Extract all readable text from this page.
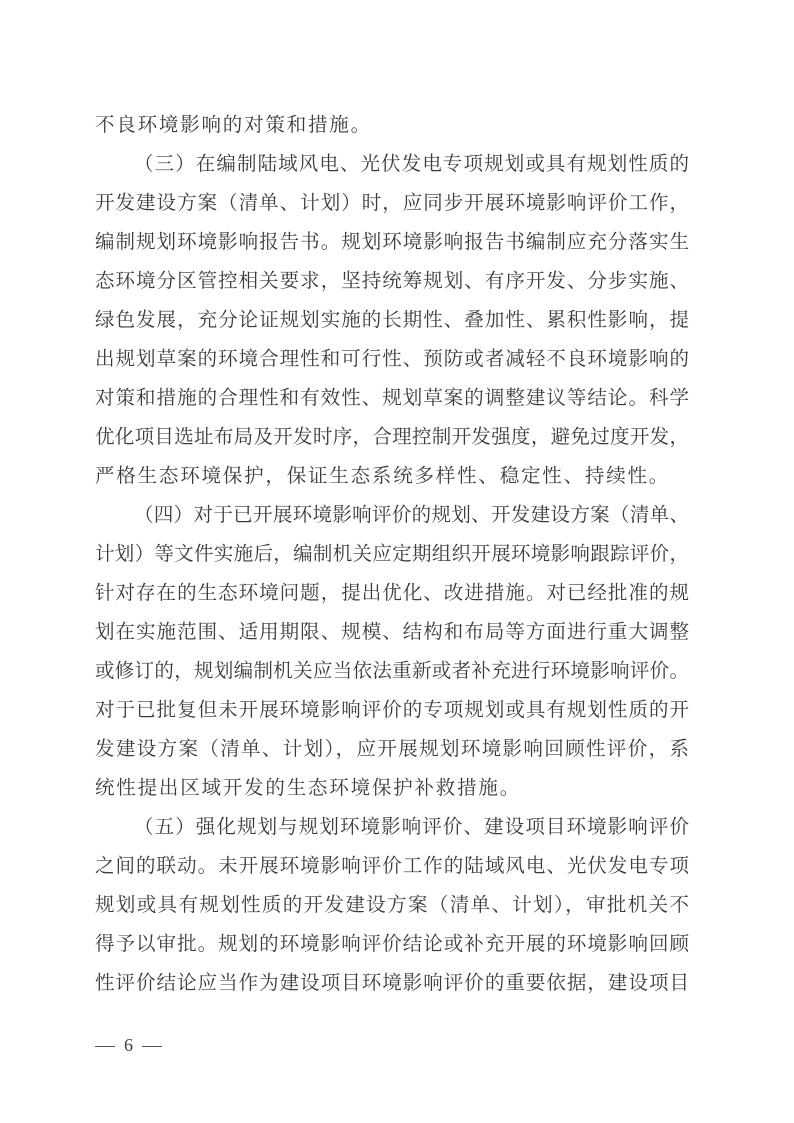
不良环境影响的对策和措施。
（三）在编制陆域风电、光伏发电专项规划或具有规划性质的
开发建设方案（清单、计划）时，应同步开展环境影响评价工作，
编制规划环境影响报告书。规划环境影响报告书编制应充分落实生
态环境分区管控相关要求，坚持统筹规划、有序开发、分步实施、
绿色发展，充分论证规划实施的长期性、叠加性、累积性影响，提
出规划草案的环境合理性和可行性、预防或者减轻不良环境影响的
对策和措施的合理性和有效性、规划草案的调整建议等结论。科学
优化项目选址布局及开发时序，合理控制开发强度，避免过度开发，
严格生态环境保护，保证生态系统多样性、稳定性、持续性。
（四）对于已开展环境影响评价的规划、开发建设方案（清单、
计划）等文件实施后，编制机关应定期组织开展环境影响跟踪评价，
针对存在的生态环境问题，提出优化、改进措施。对已经批准的规
划在实施范围、适用期限、规模、结构和布局等方面进行重大调整
或修订的，规划编制机关应当依法重新或者补充进行环境影响评价。
对于已批复但未开展环境影响评价的专项规划或具有规划性质的开
发建设方案（清单、计划），应开展规划环境影响回顾性评价，系
统性提出区域开发的生态环境保护补救措施。
（五）强化规划与规划环境影响评价、建设项目环境影响评价
之间的联动。未开展环境影响评价工作的陆域风电、光伏发电专项
规划或具有规划性质的开发建设方案（清单、计划），审批机关不
得予以审批。规划的环境影响评价结论或补充开展的环境影响回顾
性评价结论应当作为建设项目环境影响评价的重要依据，建设项目
— 6 —
